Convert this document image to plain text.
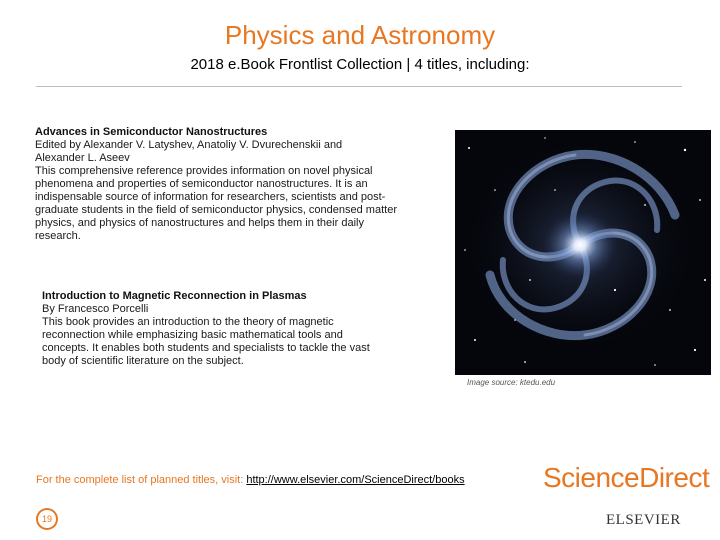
Physics and Astronomy
2018 e.Book Frontlist Collection | 4 titles, including:
Advances in Semiconductor Nanostructures
Edited by Alexander V. Latyshev, Anatoliy V. Dvurechenskii and
Alexander L. Aseev
This comprehensive reference provides information on novel physical
phenomena and properties of semiconductor nanostructures. It is an
indispensable source of information for researchers, scientists and post-
graduate students in the field of semiconductor physics, condensed matter
physics, and physics of nanostructures and helps them in their daily
research.
Introduction to Magnetic Reconnection in Plasmas
By Francesco Porcelli
This book provides an introduction to the theory of magnetic
reconnection while emphasizing basic mathematical tools and
concepts. It enables both students and specialists to tackle the vast
body of scientific literature on the subject.
Image source: ktedu.edu
For the complete list of planned titles, visit: http://www.elsevier.com/ScienceDirect/books	ScienceDirect
19	ELSEVIER
